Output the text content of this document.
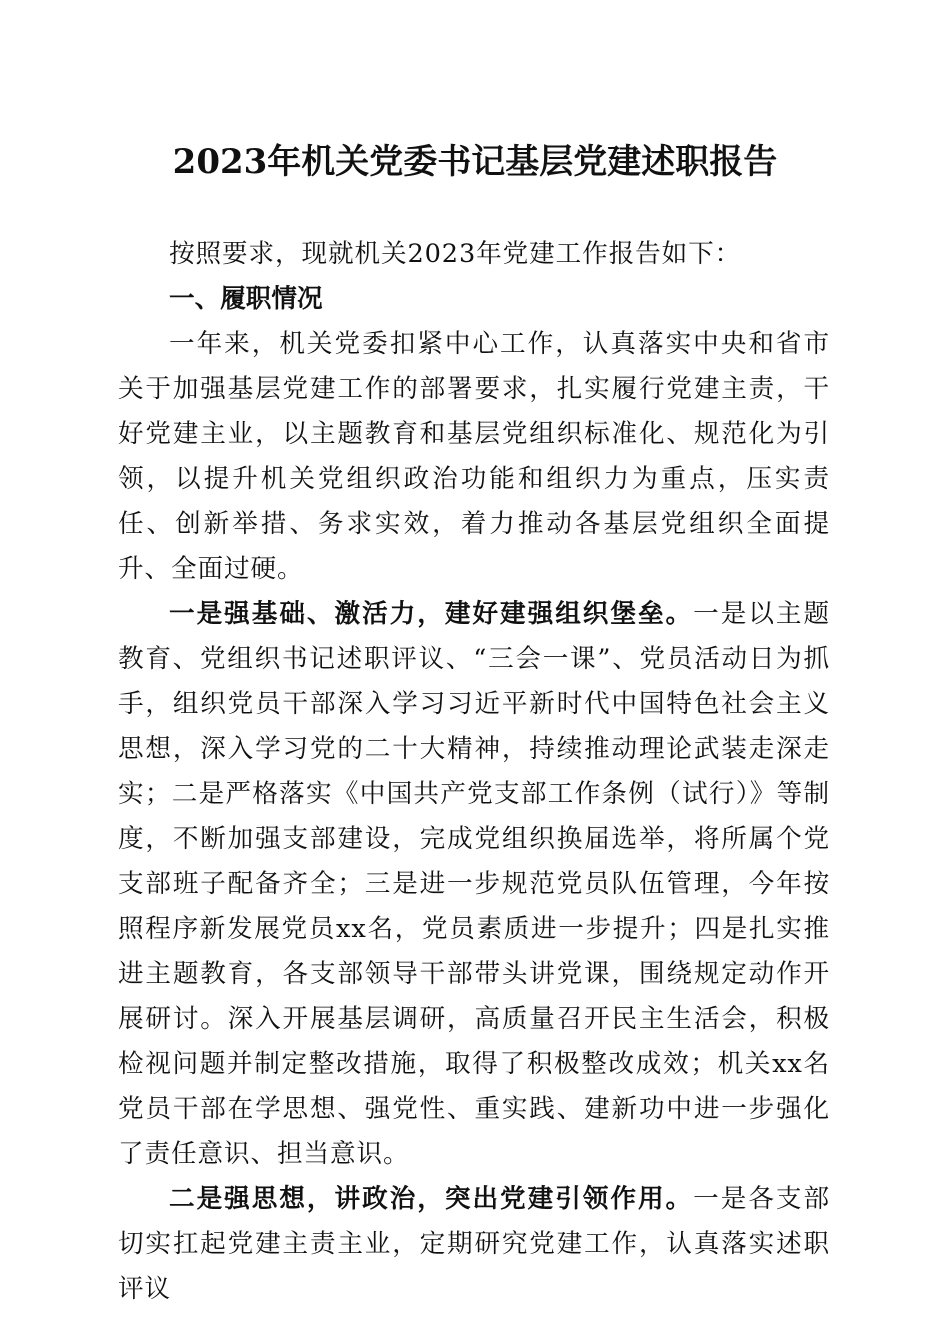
2023年机关党委书记基层党建述职报告

按照要求，现就机关2023年党建工作报告如下：

一、履职情况

一年来，机关党委扣紧中心工作，认真落实中央和省市关于加强基层党建工作的部署要求，扎实履行党建主责，干好党建主业，以主题教育和基层党组织标准化、规范化为引领，以提升机关党组织政治功能和组织力为重点，压实责任、创新举措、务求实效，着力推动各基层党组织全面提升、全面过硬。

一是强基础、激活力，建好建强组织堡垒。一是以主题教育、党组织书记述职评议、“三会一课”、党员活动日为抓手，组织党员干部深入学习习近平新时代中国特色社会主义思想，深入学习党的二十大精神，持续推动理论武装走深走实；二是严格落实《中国共产党支部工作条例（试行）》等制度，不断加强支部建设，完成党组织换届选举，将所属个党支部班子配备齐全；三是进一步规范党员队伍管理，今年按照程序新发展党员xx名，党员素质进一步提升；四是扎实推进主题教育，各支部领导干部带头讲党课，围绕规定动作开展研讨。深入开展基层调研，高质量召开民主生活会，积极检视问题并制定整改措施，取得了积极整改成效；机关xx名党员干部在学思想、强党性、重实践、建新功中进一步强化了责任意识、担当意识。

二是强思想，讲政治，突出党建引领作用。一是各支部切实扛起党建主责主业，定期研究党建工作，认真落实述职评议
